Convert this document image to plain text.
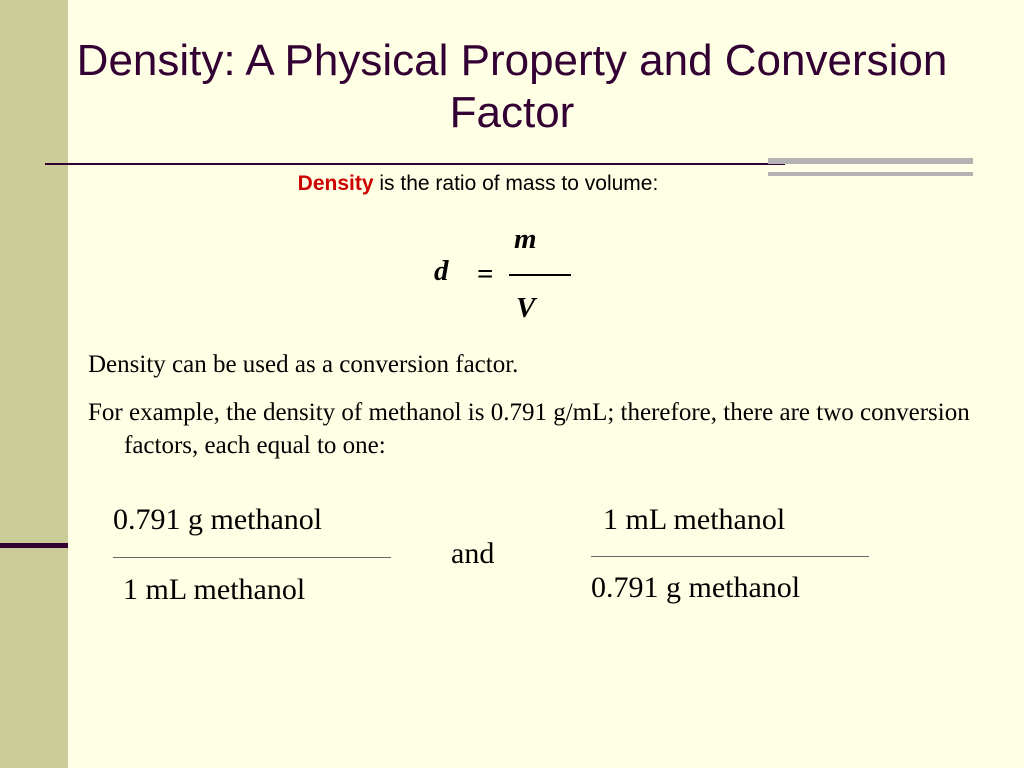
Density: A Physical Property and Conversion Factor
Density is the ratio of mass to volume:
d =
m
V
Density can be used as a conversion factor.
For example, the density of methanol is 0.791 g/mL; therefore, there are two conversion factors, each equal to one:
0.791 g methanol
1 mL methanol
and
1 mL methanol
0.791 g methanol
